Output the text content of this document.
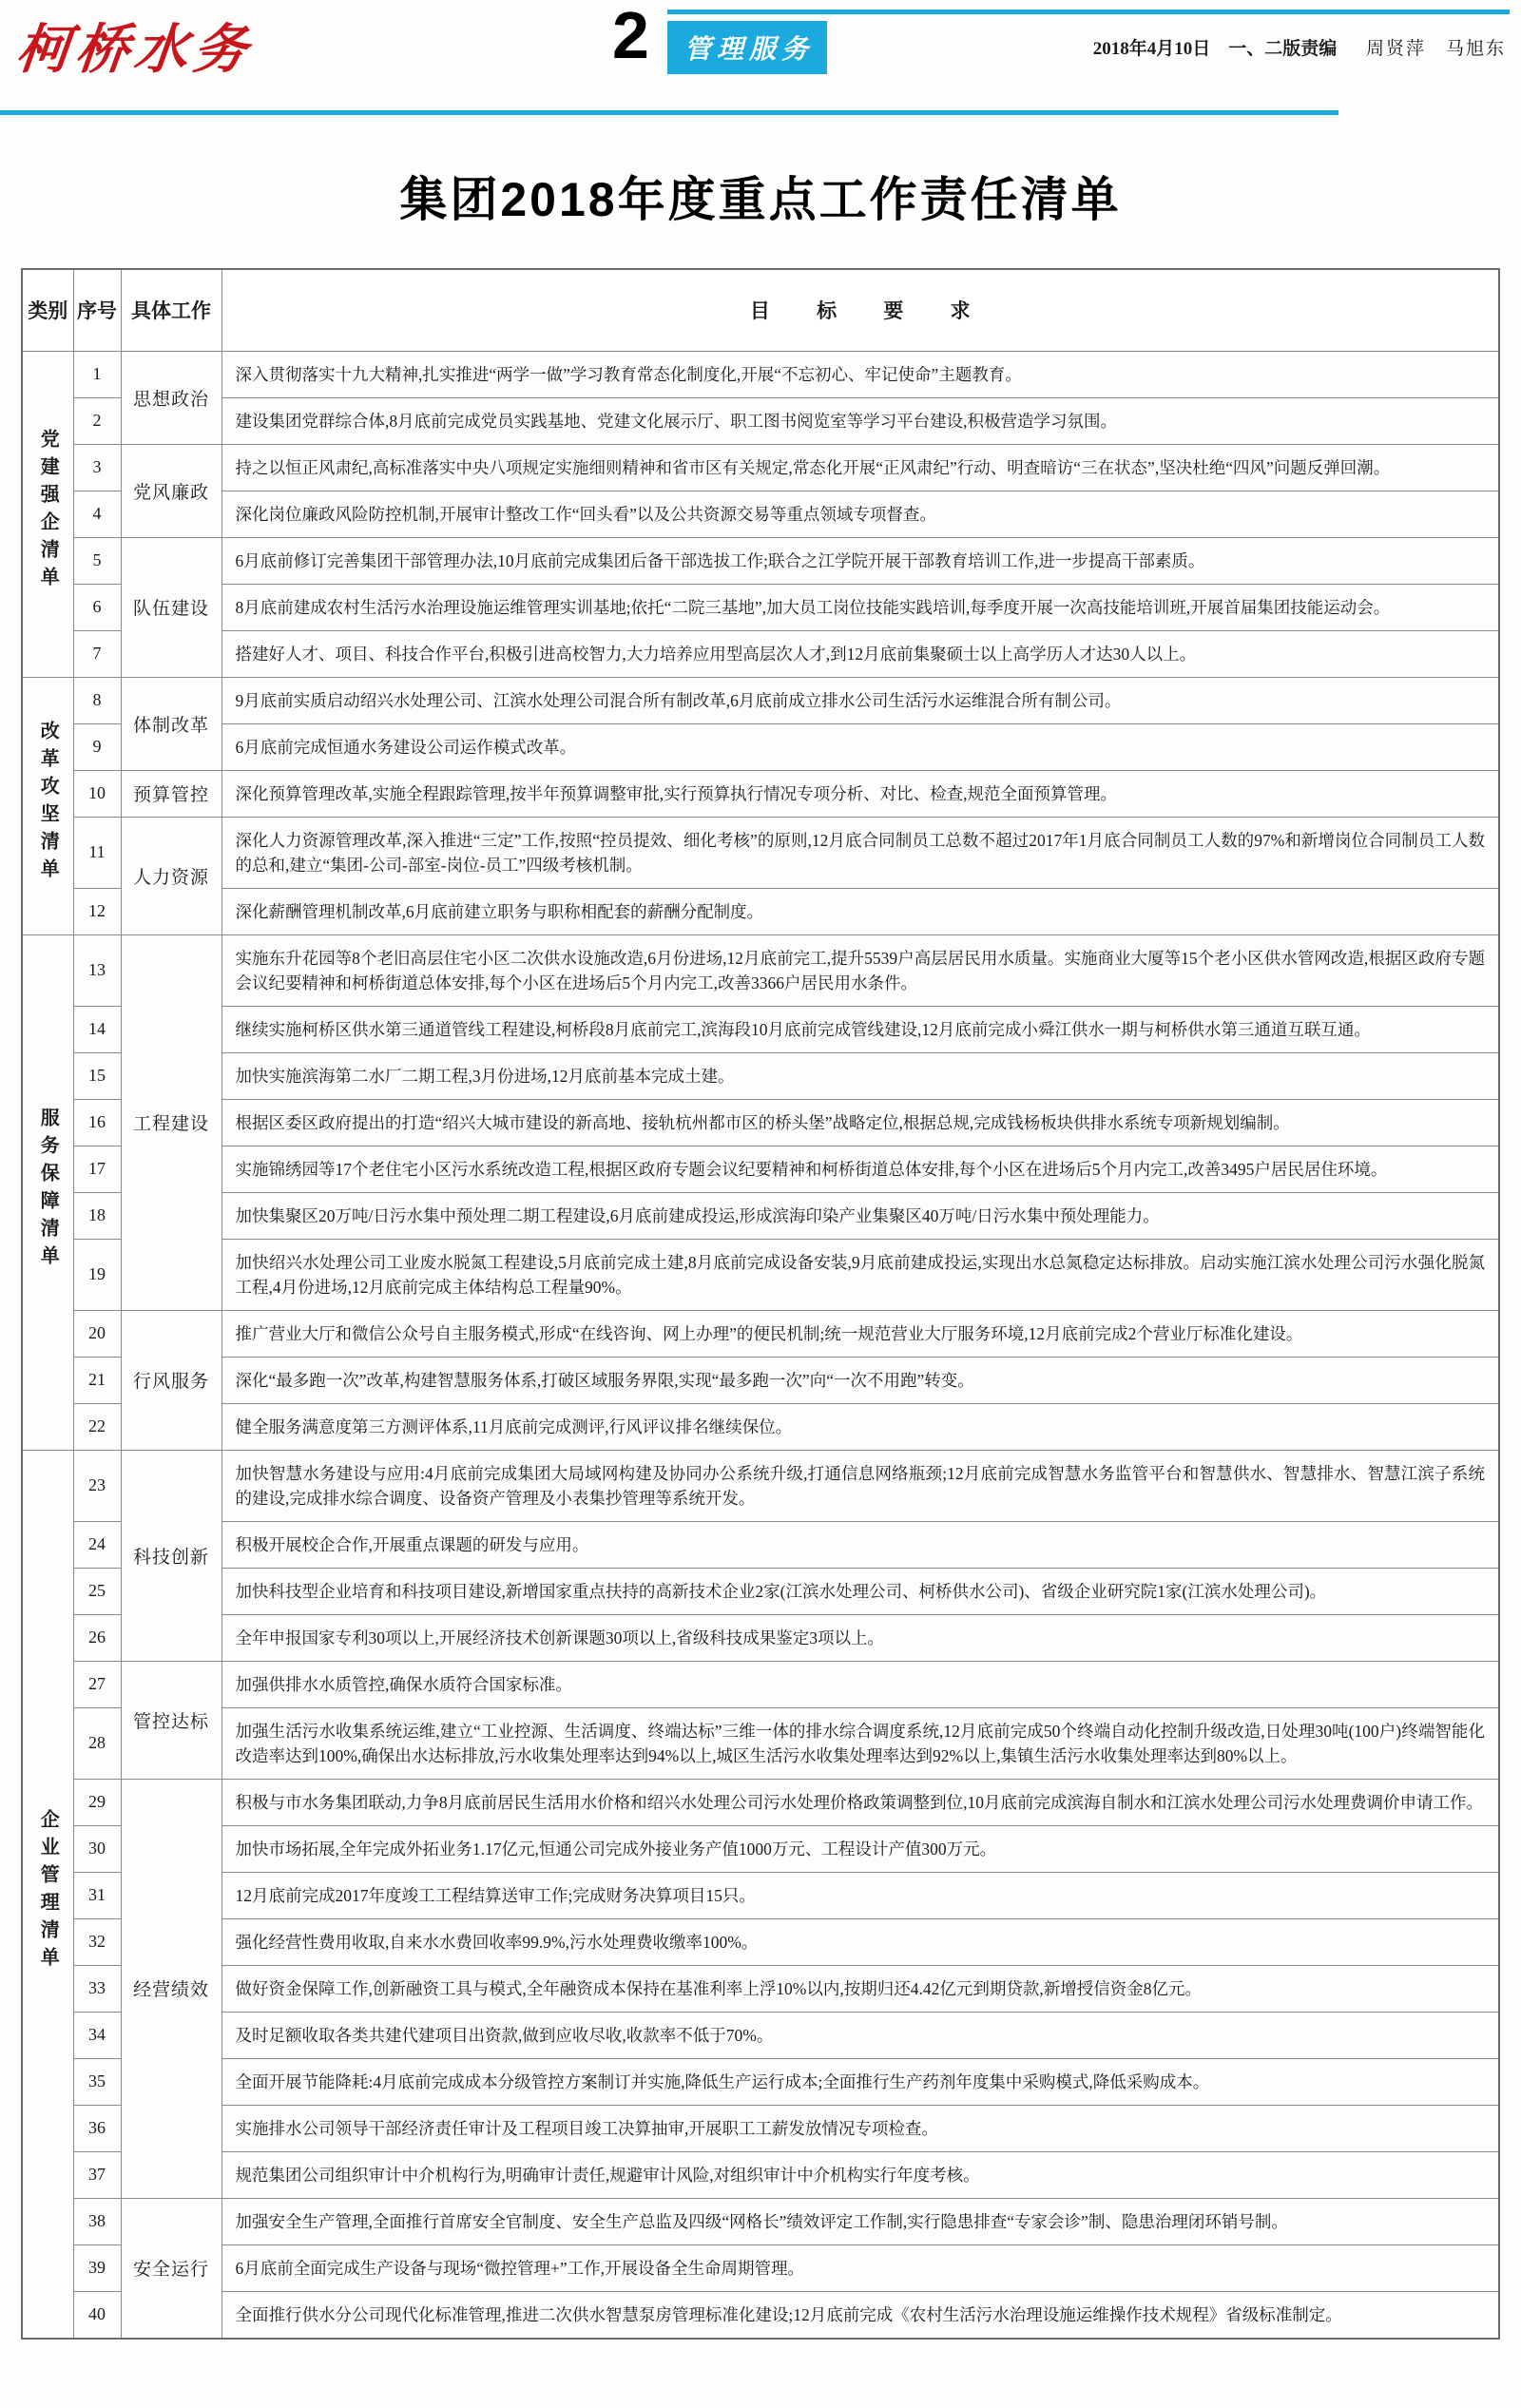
柯桥水务	2	管理服务	2018年4月10日　一、二版责编 周贤萍　马旭东
集团2018年度重点工作责任清单
类别	序号	具体工作	目 标 要 求
党建强企清单	1	思想政治	深入贯彻落实十九大精神,扎实推进“两学一做”学习教育常态化制度化,开展“不忘初心、牢记使命”主题教育。
	2		建设集团党群综合体,8月底前完成党员实践基地、党建文化展示厅、职工图书阅览室等学习平台建设,积极营造学习氛围。
	3	党风廉政	持之以恒正风肃纪,高标准落实中央八项规定实施细则精神和省市区有关规定,常态化开展“正风肃纪”行动、明查暗访“三在状态”,坚决杜绝“四风”问题反弹回潮。
	4		深化岗位廉政风险防控机制,开展审计整改工作“回头看”以及公共资源交易等重点领域专项督查。
	5	队伍建设	6月底前修订完善集团干部管理办法,10月底前完成集团后备干部选拔工作;联合之江学院开展干部教育培训工作,进一步提高干部素质。
	6		8月底前建成农村生活污水治理设施运维管理实训基地;依托“二院三基地”,加大员工岗位技能实践培训,每季度开展一次高技能培训班,开展首届集团技能运动会。
	7		搭建好人才、项目、科技合作平台,积极引进高校智力,大力培养应用型高层次人才,到12月底前集聚硕士以上高学历人才达30人以上。
改革攻坚清单	8	体制改革	9月底前实质启动绍兴水处理公司、江滨水处理公司混合所有制改革,6月底前成立排水公司生活污水运维混合所有制公司。
	9		6月底前完成恒通水务建设公司运作模式改革。
	10	预算管控	深化预算管理改革,实施全程跟踪管理,按半年预算调整审批,实行预算执行情况专项分析、对比、检查,规范全面预算管理。
	11	人力资源	深化人力资源管理改革,深入推进“三定”工作,按照“控员提效、细化考核”的原则,12月底合同制员工总数不超过2017年1月底合同制员工人数的97%和新增岗位合同制员工人数的总和,建立“集团-公司-部室-岗位-员工”四级考核机制。
	12		深化薪酬管理机制改革,6月底前建立职务与职称相配套的薪酬分配制度。
服务保障清单	13	工程建设	实施东升花园等8个老旧高层住宅小区二次供水设施改造,6月份进场,12月底前完工,提升5539户高层居民用水质量。实施商业大厦等15个老小区供水管网改造,根据区政府专题会议纪要精神和柯桥街道总体安排,每个小区在进场后5个月内完工,改善3366户居民用水条件。
	14		继续实施柯桥区供水第三通道管线工程建设,柯桥段8月底前完工,滨海段10月底前完成管线建设,12月底前完成小舜江供水一期与柯桥供水第三通道互联互通。
	15		加快实施滨海第二水厂二期工程,3月份进场,12月底前基本完成土建。
	16		根据区委区政府提出的打造“绍兴大城市建设的新高地、接轨杭州都市区的桥头堡”战略定位,根据总规,完成钱杨板块供排水系统专项新规划编制。
	17		实施锦绣园等17个老住宅小区污水系统改造工程,根据区政府专题会议纪要精神和柯桥街道总体安排,每个小区在进场后5个月内完工,改善3495户居民居住环境。
	18		加快集聚区20万吨/日污水集中预处理二期工程建设,6月底前建成投运,形成滨海印染产业集聚区40万吨/日污水集中预处理能力。
	19		加快绍兴水处理公司工业废水脱氮工程建设,5月底前完成土建,8月底前完成设备安装,9月底前建成投运,实现出水总氮稳定达标排放。启动实施江滨水处理公司污水强化脱氮工程,4月份进场,12月底前完成主体结构总工程量90%。
	20	行风服务	推广营业大厅和微信公众号自主服务模式,形成“在线咨询、网上办理”的便民机制;统一规范营业大厅服务环境,12月底前完成2个营业厅标准化建设。
	21		深化“最多跑一次”改革,构建智慧服务体系,打破区域服务界限,实现“最多跑一次”向“一次不用跑”转变。
	22		健全服务满意度第三方测评体系,11月底前完成测评,行风评议排名继续保位。
企业管理清单	23	科技创新	加快智慧水务建设与应用:4月底前完成集团大局域网构建及协同办公系统升级,打通信息网络瓶颈;12月底前完成智慧水务监管平台和智慧供水、智慧排水、智慧江滨子系统的建设,完成排水综合调度、设备资产管理及小表集抄管理等系统开发。
	24		积极开展校企合作,开展重点课题的研发与应用。
	25		加快科技型企业培育和科技项目建设,新增国家重点扶持的高新技术企业2家(江滨水处理公司、柯桥供水公司)、省级企业研究院1家(江滨水处理公司)。
	26		全年申报国家专利30项以上,开展经济技术创新课题30项以上,省级科技成果鉴定3项以上。
	27	管控达标	加强供排水水质管控,确保水质符合国家标准。
	28		加强生活污水收集系统运维,建立“工业控源、生活调度、终端达标”三维一体的排水综合调度系统,12月底前完成50个终端自动化控制升级改造,日处理30吨(100户)终端智能化改造率达到100%,确保出水达标排放,污水收集处理率达到94%以上,城区生活污水收集处理率达到92%以上,集镇生活污水收集处理率达到80%以上。
	29	经营绩效	积极与市水务集团联动,力争8月底前居民生活用水价格和绍兴水处理公司污水处理价格政策调整到位,10月底前完成滨海自制水和江滨水处理公司污水处理费调价申请工作。
	30		加快市场拓展,全年完成外拓业务1.17亿元,恒通公司完成外接业务产值1000万元、工程设计产值300万元。
	31		12月底前完成2017年度竣工工程结算送审工作;完成财务决算项目15只。
	32		强化经营性费用收取,自来水水费回收率99.9%,污水处理费收缴率100%。
	33		做好资金保障工作,创新融资工具与模式,全年融资成本保持在基准利率上浮10%以内,按期归还4.42亿元到期贷款,新增授信资金8亿元。
	34		及时足额收取各类共建代建项目出资款,做到应收尽收,收款率不低于70%。
	35		全面开展节能降耗:4月底前完成成本分级管控方案制订并实施,降低生产运行成本;全面推行生产药剂年度集中采购模式,降低采购成本。
	36		实施排水公司领导干部经济责任审计及工程项目竣工决算抽审,开展职工工薪发放情况专项检查。
	37		规范集团公司组织审计中介机构行为,明确审计责任,规避审计风险,对组织审计中介机构实行年度考核。
	38	安全运行	加强安全生产管理,全面推行首席安全官制度、安全生产总监及四级“网格长”绩效评定工作制,实行隐患排查“专家会诊”制、隐患治理闭环销号制。
	39		6月底前全面完成生产设备与现场“微控管理+”工作,开展设备全生命周期管理。
	40		全面推行供水分公司现代化标准管理,推进二次供水智慧泵房管理标准化建设;12月底前完成《农村生活污水治理设施运维操作技术规程》省级标准制定。
